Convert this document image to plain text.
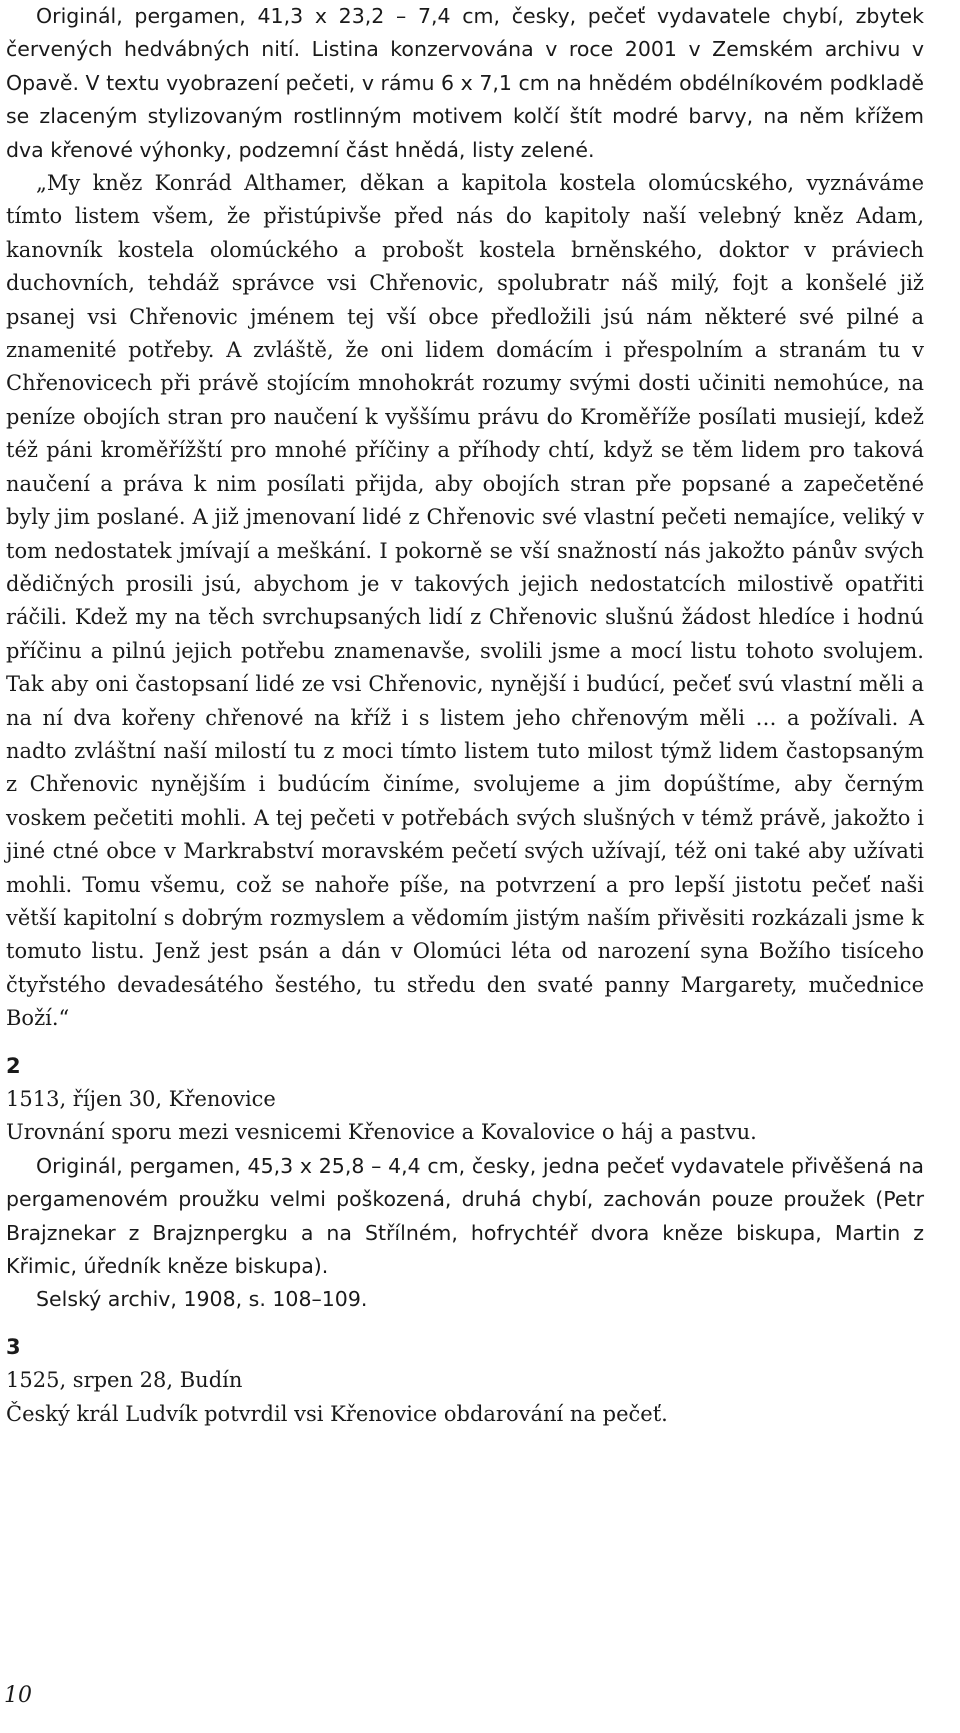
Originál, pergamen, 41,3 x 23,2 – 7,4 cm, česky, pečeť vydavatele chybí, zbytek červených hedvábných nití. Listina konzervována v roce 2001 v Zemském archivu v Opavě. V textu vyobrazení pečeti, v rámu 6 x 7,1 cm na hnědém obdélníkovém podkladě se zlaceným stylizovaným rostlinným motivem kolčí štít modré barvy, na něm křížem dva křenové výhonky, podzemní část hnědá, listy zelené.

„My kněz Konrád Althamer, děkan a kapitola kostela olomúcského, vyznáváme tímto listem všem, že přistúpivše před nás do kapitoly naší velebný kněz Adam, kanovník kostela olomúckého a probošt kostela brněnského, doktor v práviech duchovních, tehdáž správce vsi Chřenovic, spolubratr náš milý, fojt a konšelé již psanej vsi Chřenovic jménem tej vší obce předložili jsú nám některé své pilné a znamenité potřeby. A zvláště, že oni lidem domácím i přespolním a stranám tu v Chřenovicech při právě stojícím mnohokrát rozumy svými dosti učiniti nemohúce, na peníze obojích stran pro naučení k vyššímu právu do Kroměříže posílati musiejí, kdež též páni kroměřížští pro mnohé příčiny a příhody chtí, když se těm lidem pro taková naučení a práva k nim posílati přijda, aby obojích stran pře popsané a zapečetěné byly jim poslané. A již jmenovaní lidé z Chřenovic své vlastní pečeti nemajíce, veliký v tom nedostatek jmívají a meškání. I pokorně se vší snažností nás jakožto pánův svých dědičných prosili jsú, abychom je v takových jejich nedostatcích milostivě opatřiti ráčili. Kdež my na těch svrchupsaných lidí z Chřenovic slušnú žádost hledíce i hodnú příčinu a pilnú jejich potřebu znamenavše, svolili jsme a mocí listu tohoto svolujem. Tak aby oni častopsaní lidé ze vsi Chřenovic, nynější i budúcí, pečeť svú vlastní měli a na ní dva kořeny chřenové na kříž i s listem jeho chřenovým měli … a požívali. A nadto zvláštní naší milostí tu z moci tímto listem tuto milost týmž lidem častopsaným z Chřenovic nynějším i budúcím činíme, svolujeme a jim dopúštíme, aby černým voskem pečetiti mohli. A tej pečeti v potřebách svých slušných v témž právě, jakožto i jiné ctné obce v Markrabství moravském pečetí svých užívají, též oni také aby užívati mohli. Tomu všemu, což se nahoře píše, na potvrzení a pro lepší jistotu pečeť naši větší kapitolní s dobrým rozmyslem a vědomím jistým naším přivěsiti rozkázali jsme k tomuto listu. Jenž jest psán a dán v Olomúci léta od narození syna Božího tisíceho čtyřstého devadesátého šestého, tu středu den svaté panny Margarety, mučednice Boží.“

2

1513, říjen 30, Křenovice

Urovnání sporu mezi vesnicemi Křenovice a Kovalovice o háj a pastvu.

Originál, pergamen, 45,3 x 25,8 – 4,4 cm, česky, jedna pečeť vydavatele přivěšená na pergamenovém proužku velmi poškozená, druhá chybí, zachován pouze proužek (Petr Brajznekar z Brajznpergku a na Střílném, hofrychtéř dvora kněze biskupa, Martin z Křimic, úředník kněze biskupa).

Selský archiv, 1908, s. 108–109.

3

1525, srpen 28, Budín

Český král Ludvík potvrdil vsi Křenovice obdarování na pečeť.

10
